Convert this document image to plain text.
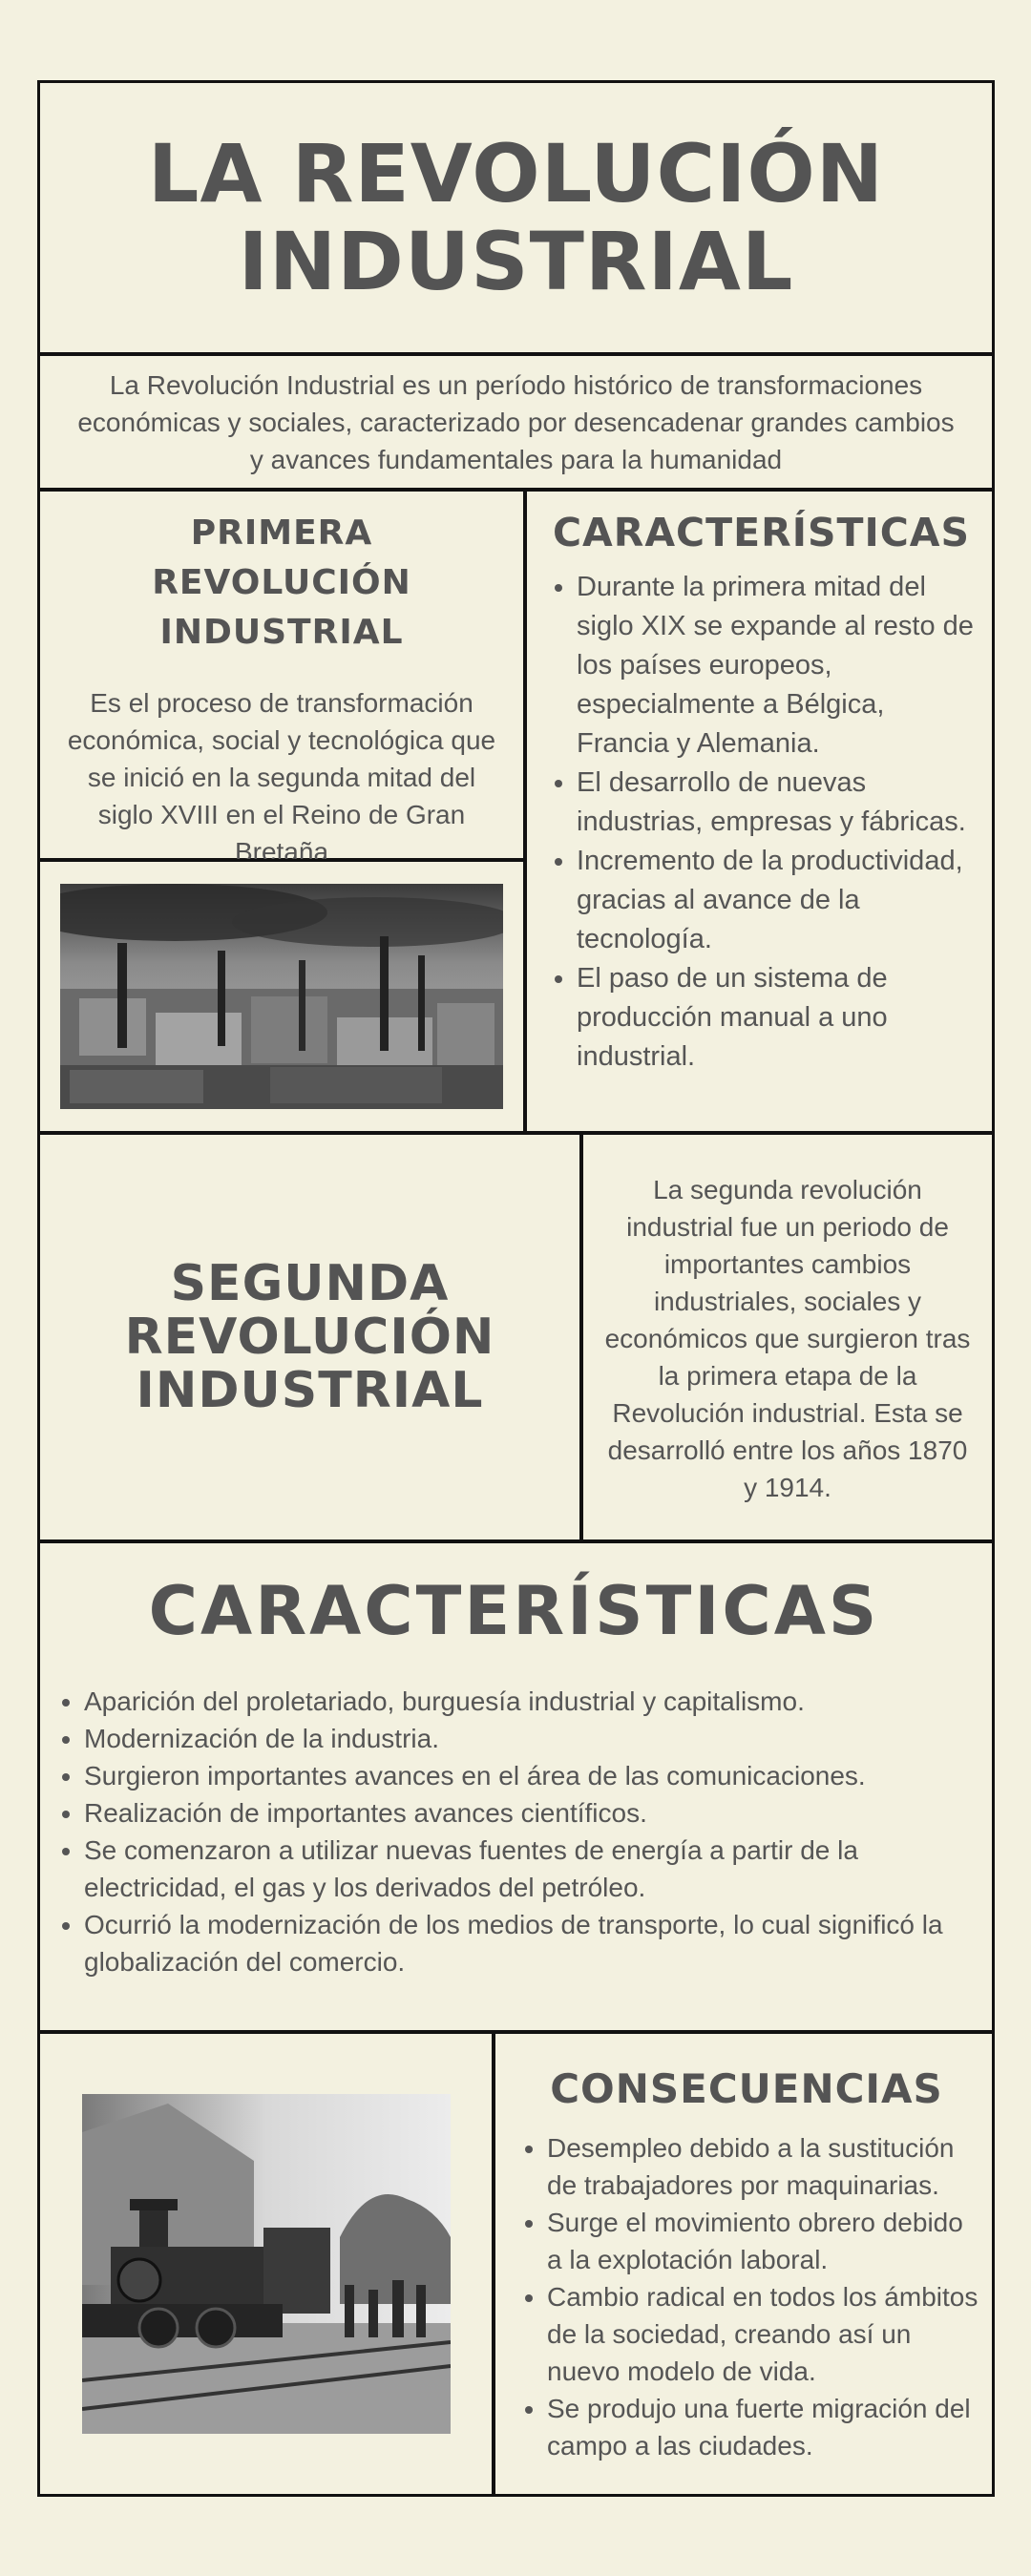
LA REVOLUCIÓN
INDUSTRIAL

La Revolución Industrial es un período histórico de transformaciones económicas y sociales, caracterizado por desencadenar grandes cambios y avances fundamentales para la humanidad

PRIMERA REVOLUCIÓN INDUSTRIAL

Es el proceso de transformación económica, social y tecnológica que se inició en la segunda mitad del siglo XVIII en el Reino de Gran Bretaña

CARACTERÍSTICAS
• Durante la primera mitad del siglo XIX se expande al resto de los países europeos, especialmente a Bélgica, Francia y Alemania.
• El desarrollo de nuevas industrias, empresas y fábricas.
• Incremento de la productividad, gracias al avance de la tecnología.
• El paso de un sistema de producción manual a uno industrial.
SEGUNDA
REVOLUCIÓN
INDUSTRIAL

La segunda revolución industrial fue un periodo de importantes cambios industriales, sociales y económicos que surgieron tras la primera etapa de la Revolución industrial. Esta se desarrolló entre los años 1870 y 1914.

CARACTERÍSTICAS
• Aparición del proletariado, burguesía industrial y capitalismo.
• Modernización de la industria.
• Surgieron importantes avances en el área de las comunicaciones.
• Realización de importantes avances científicos.
• Se comenzaron a utilizar nuevas fuentes de energía a partir de la electricidad, el gas y los derivados del petróleo.
• Ocurrió la modernización de los medios de transporte, lo cual significó la globalización del comercio.
CONSECUENCIAS
• Desempleo debido a la sustitución de trabajadores por maquinarias.
• Surge el movimiento obrero debido a la explotación laboral.
• Cambio radical en todos los ámbitos de la sociedad, creando así un nuevo modelo de vida.
• Se produjo una fuerte migración del campo a las ciudades.
